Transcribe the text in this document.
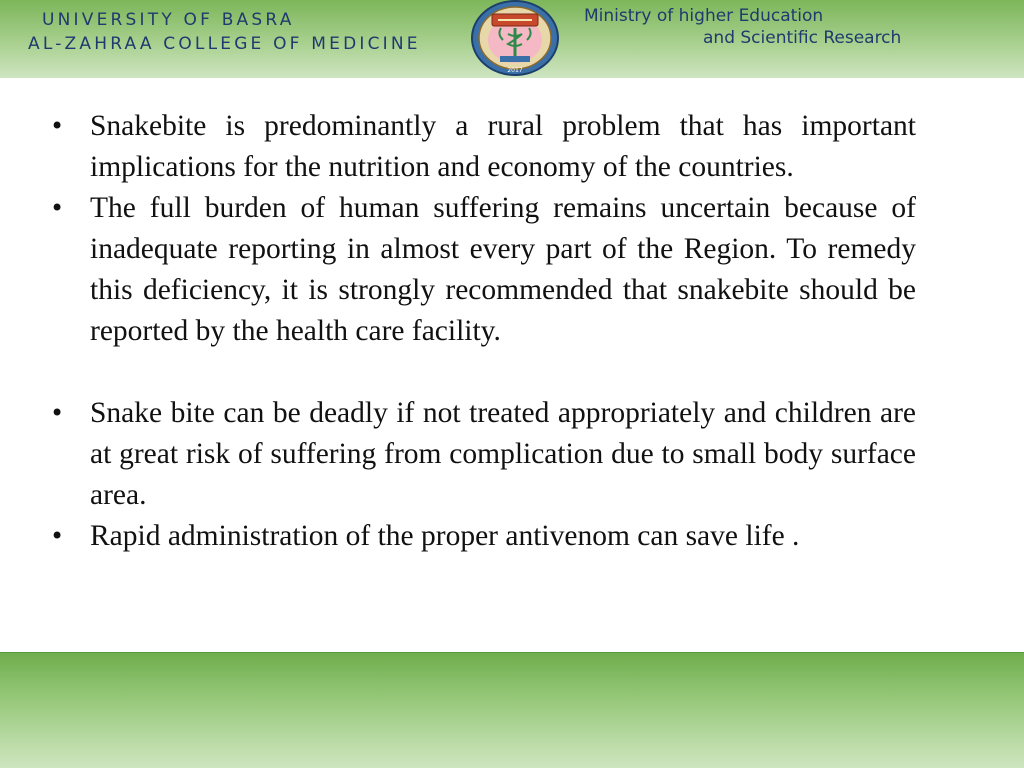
UNIVERSITY OF BASRA
AL-ZAHRAA COLLEGE OF MEDICINE
2017
Ministry of higher Education
and Scientific Research
• Snakebite is predominantly a rural problem that has important implications for the nutrition and economy of the countries.
• The full burden of human suffering remains uncertain because of inadequate reporting in almost every part of the Region. To remedy this deficiency, it is strongly recommended that snakebite should be reported by the health care facility.
• Snake bite can be deadly if not treated appropriately and children are at great risk of suffering from complication due to small body surface area.
• Rapid administration of the proper antivenom can save life .
